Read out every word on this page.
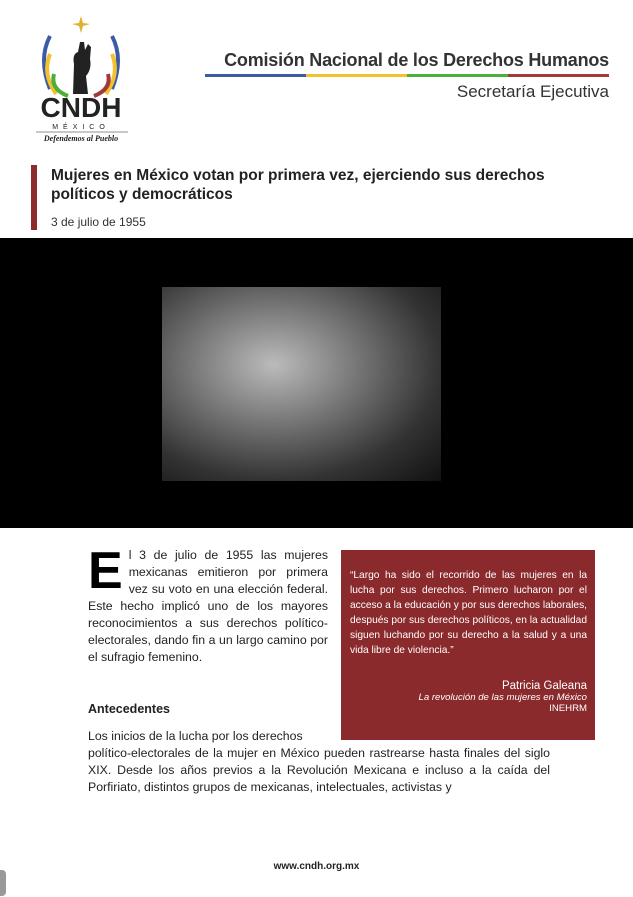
CNDH
MÉXICO
Defendemos al Pueblo
Comisión Nacional de los Derechos Humanos
Secretaría Ejecutiva
Mujeres en México votan por primera vez, ejerciendo sus derechos políticos y democráticos
3 de julio de 1955
El 3 de julio de 1955 las mujeres mexicanas emitieron por primera vez su voto en una elección federal. Este hecho implicó uno de los mayores reconocimientos a sus derechos político-electorales, dando fin a un largo camino por el sufragio femenino.
“Largo ha sido el recorrido de las mujeres en la lucha por sus derechos. Primero lucharon por el acceso a la educación y por sus derechos laborales, después por sus derechos políticos, en la actualidad siguen luchando por su derecho a la salud y a una vida libre de violencia.”
Patricia Galeana
La revolución de las mujeres en México
INEHRM
Antecedentes
Los inicios de la lucha por los derechos
político-electorales de la mujer en México pueden rastrearse hasta finales del siglo XIX. Desde los años previos a la Revolución Mexicana e incluso a la caída del Porfiriato, distintos grupos de mexicanas, intelectuales, activistas y
www.cndh.org.mx
